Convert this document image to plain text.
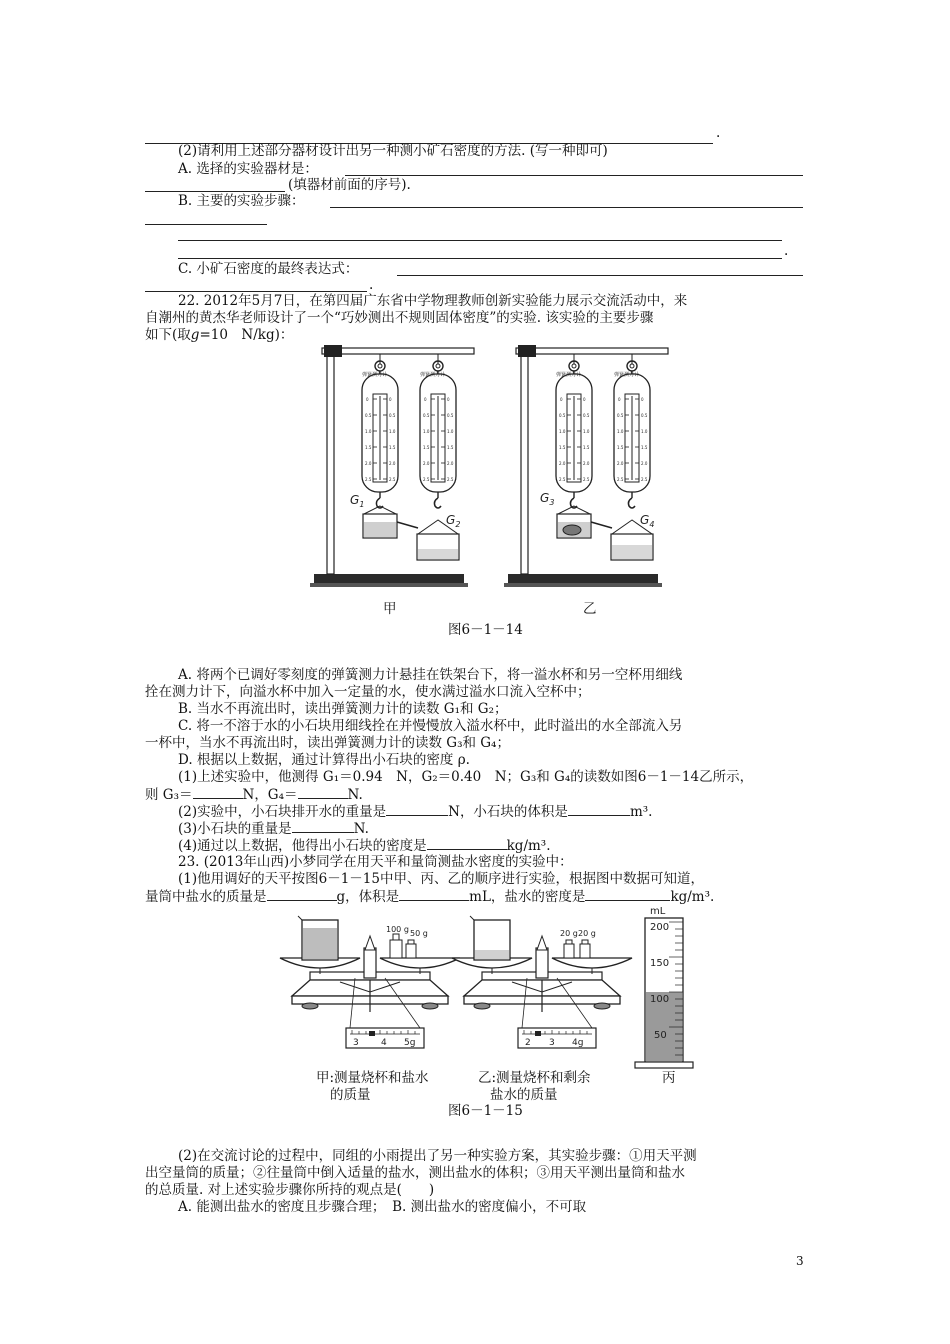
.
(2)请利用上述部分器材设计出另一种测小矿石密度的方法. (写一种即可)
A. 选择的实验器材是：
(填器材前面的序号).
B. 主要的实验步骤：
.
C. 小矿石密度的最终表达式：
.
22. 2012年5月7日，在第四届广东省中学物理教师创新实验能力展示交流活动中，来
自潮州的黄杰华老师设计了一个“巧妙测出不规则固体密度”的实验. 该实验的主要步骤
如下(取g=10　N/kg)：
0
0.5
1.0
1.5
2.0
2.5
0
0.5
1.0
1.5
2.0
2.5
弹簧测力计	弹簧测力计
$G_1$
$G_2$
弹簧测力计	弹簧测力计
$G_3$
$G_4$
甲	乙
图6－1－14
A. 将两个已调好零刻度的弹簧测力计悬挂在铁架台下，将一溢水杯和另一空杯用细线
拴在测力计下，向溢水杯中加入一定量的水，使水满过溢水口流入空杯中；
B. 当水不再流出时，读出弹簧测力计的读数 G₁和 G₂；
C. 将一不溶于水的小石块用细线拴在并慢慢放入溢水杯中，此时溢出的水全部流入另
一杯中，当水不再流出时，读出弹簧测力计的读数 G₃和 G₄；
D. 根据以上数据，通过计算得出小石块的密度 ρ.
(1)上述实验中，他测得 G₁＝0.94　N，G₂＝0.40　N；G₃和 G₄的读数如图6－1－14乙所示，
则 G₃＝	N，G₄＝	N.
(2)实验中，小石块排开水的重量是	N，小石块的体积是	m³.
(3)小石块的重量是	N.
(4)通过以上数据，他得出小石块的密度是	kg/m³.
23. (2013年山西)小梦同学在用天平和量筒测盐水密度的实验中：
(1)他用调好的天平按图6－1－15中甲、丙、乙的顺序进行实验，根据图中数据可知道，
量筒中盐水的质量是	g，体积是	mL，盐水的密度是	kg/m³.
100 g 50 g
3 4 5g
20 g 20 g
2 3 4g
mL
200
150
100
50
甲:测量烧杯和盐水
的质量
乙:测量烧杯和剩余
盐水的质量
丙
图6－1－15
(2)在交流讨论的过程中，同组的小雨提出了另一种实验方案，其实验步骤：①用天平测
出空量筒的质量；②往量筒中倒入适量的盐水，测出盐水的体积；③用天平测出量筒和盐水
的总质量. 对上述实验步骤你所持的观点是(　　)
A. 能测出盐水的密度且步骤合理；　B. 测出盐水的密度偏小，不可取
3
